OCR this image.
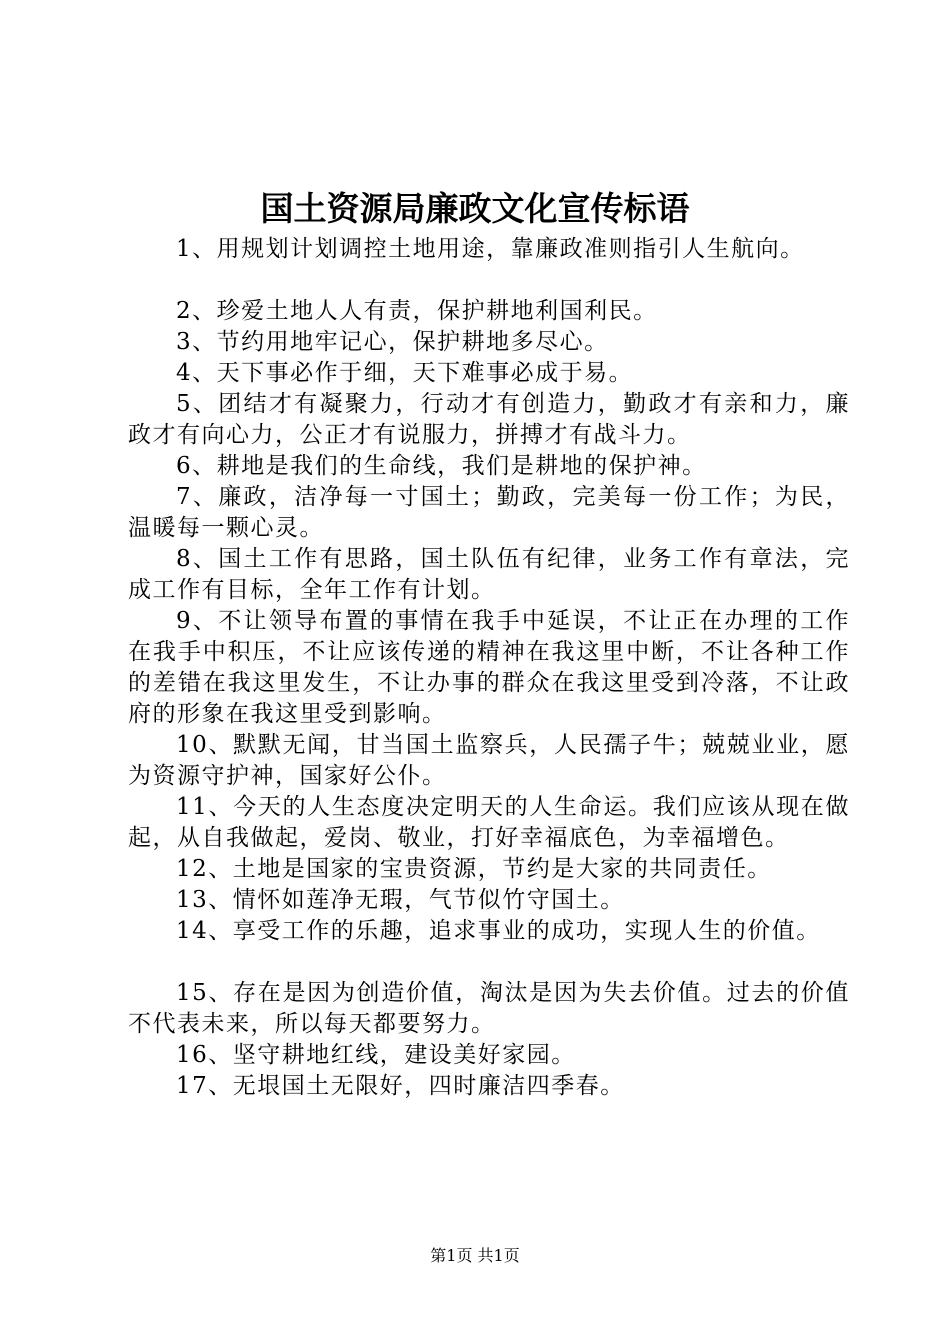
国土资源局廉政文化宣传标语

1、用规划计划调控土地用途，靠廉政准则指引人生航向。

2、珍爱土地人人有责，保护耕地利国利民。

3、节约用地牢记心，保护耕地多尽心。

4、天下事必作于细，天下难事必成于易。

5、团结才有凝聚力，行动才有创造力，勤政才有亲和力，廉政才有向心力，公正才有说服力，拼搏才有战斗力。

6、耕地是我们的生命线，我们是耕地的保护神。

7、廉政，洁净每一寸国土；勤政，完美每一份工作；为民，温暖每一颗心灵。

8、国土工作有思路，国土队伍有纪律，业务工作有章法，完成工作有目标，全年工作有计划。

9、不让领导布置的事情在我手中延误，不让正在办理的工作在我手中积压，不让应该传递的精神在我这里中断，不让各种工作的差错在我这里发生，不让办事的群众在我这里受到冷落，不让政府的形象在我这里受到影响。

10、默默无闻，甘当国土监察兵，人民孺子牛；兢兢业业，愿为资源守护神，国家好公仆。

11、今天的人生态度决定明天的人生命运。我们应该从现在做起，从自我做起，爱岗、敬业，打好幸福底色，为幸福增色。

12、土地是国家的宝贵资源，节约是大家的共同责任。

13、情怀如莲净无瑕，气节似竹守国土。

14、享受工作的乐趣，追求事业的成功，实现人生的价值。

15、存在是因为创造价值，淘汰是因为失去价值。过去的价值不代表未来，所以每天都要努力。

16、坚守耕地红线，建设美好家园。

17、无垠国土无限好，四时廉洁四季春。

第1页 共1页
